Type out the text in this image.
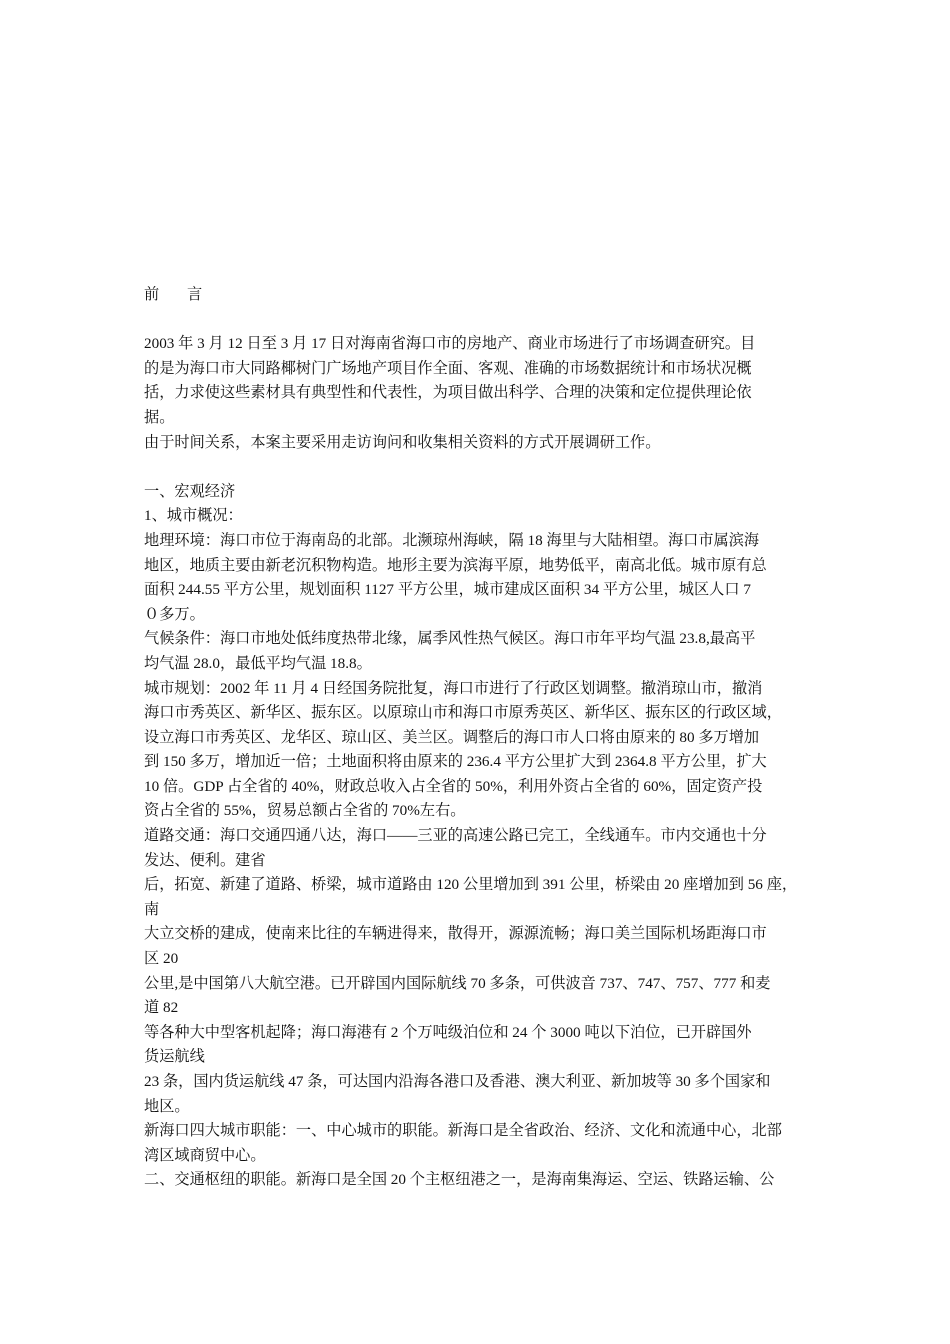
前 言
2003 年 3 月 12 日至 3 月 17 日对海南省海口市的房地产、商业市场进行了市场调查研究。目
的是为海口市大同路椰树门广场地产项目作全面、客观、准确的市场数据统计和市场状况概
括，力求使这些素材具有典型性和代表性，为项目做出科学、合理的决策和定位提供理论依
据。
由于时间关系，本案主要采用走访询问和收集相关资料的方式开展调研工作。
一、宏观经济
1、城市概况：
地理环境：海口市位于海南岛的北部。北濒琼州海峡，隔 18 海里与大陆相望。海口市属滨海
地区，地质主要由新老沉积物构造。地形主要为滨海平原，地势低平，南高北低。城市原有总
面积 244.55 平方公里，规划面积 1127 平方公里，城市建成区面积 34 平方公里，城区人口 7
０多万。
气候条件：海口市地处低纬度热带北缘，属季风性热气候区。海口市年平均气温 23.8,最高平
均气温 28.0，最低平均气温 18.8。
城市规划：2002 年 11 月 4 日经国务院批复，海口市进行了行政区划调整。撤消琼山市，撤消
海口市秀英区、新华区、振东区。以原琼山市和海口市原秀英区、新华区、振东区的行政区域，
设立海口市秀英区、龙华区、琼山区、美兰区。调整后的海口市人口将由原来的 80 多万增加
到 150 多万，增加近一倍；土地面积将由原来的 236.4 平方公里扩大到 2364.8 平方公里，扩大
10 倍。GDP 占全省的 40%，财政总收入占全省的 50%，利用外资占全省的 60%，固定资产投
资占全省的 55%，贸易总额占全省的 70%左右。
道路交通：海口交通四通八达，海口——三亚的高速公路已完工，全线通车。市内交通也十分
发达、便利。建省
后，拓宽、新建了道路、桥梁，城市道路由 120 公里增加到 391 公里，桥梁由 20 座增加到 56 座，
南
大立交桥的建成，使南来比往的车辆进得来，散得开，源源流畅；海口美兰国际机场距海口市
区 20
公里,是中国第八大航空港。已开辟国内国际航线 70 多条，可供波音 737、747、757、777 和麦
道 82
等各种大中型客机起降；海口海港有 2 个万吨级泊位和 24 个 3000 吨以下泊位，已开辟国外
货运航线
23 条，国内货运航线 47 条，可达国内沿海各港口及香港、澳大利亚、新加坡等 30 多个国家和
地区。
新海口四大城市职能：一、中心城市的职能。新海口是全省政治、经济、文化和流通中心，北部
湾区域商贸中心。
二、交通枢纽的职能。新海口是全国 20 个主枢纽港之一，是海南集海运、空运、铁路运输、公
